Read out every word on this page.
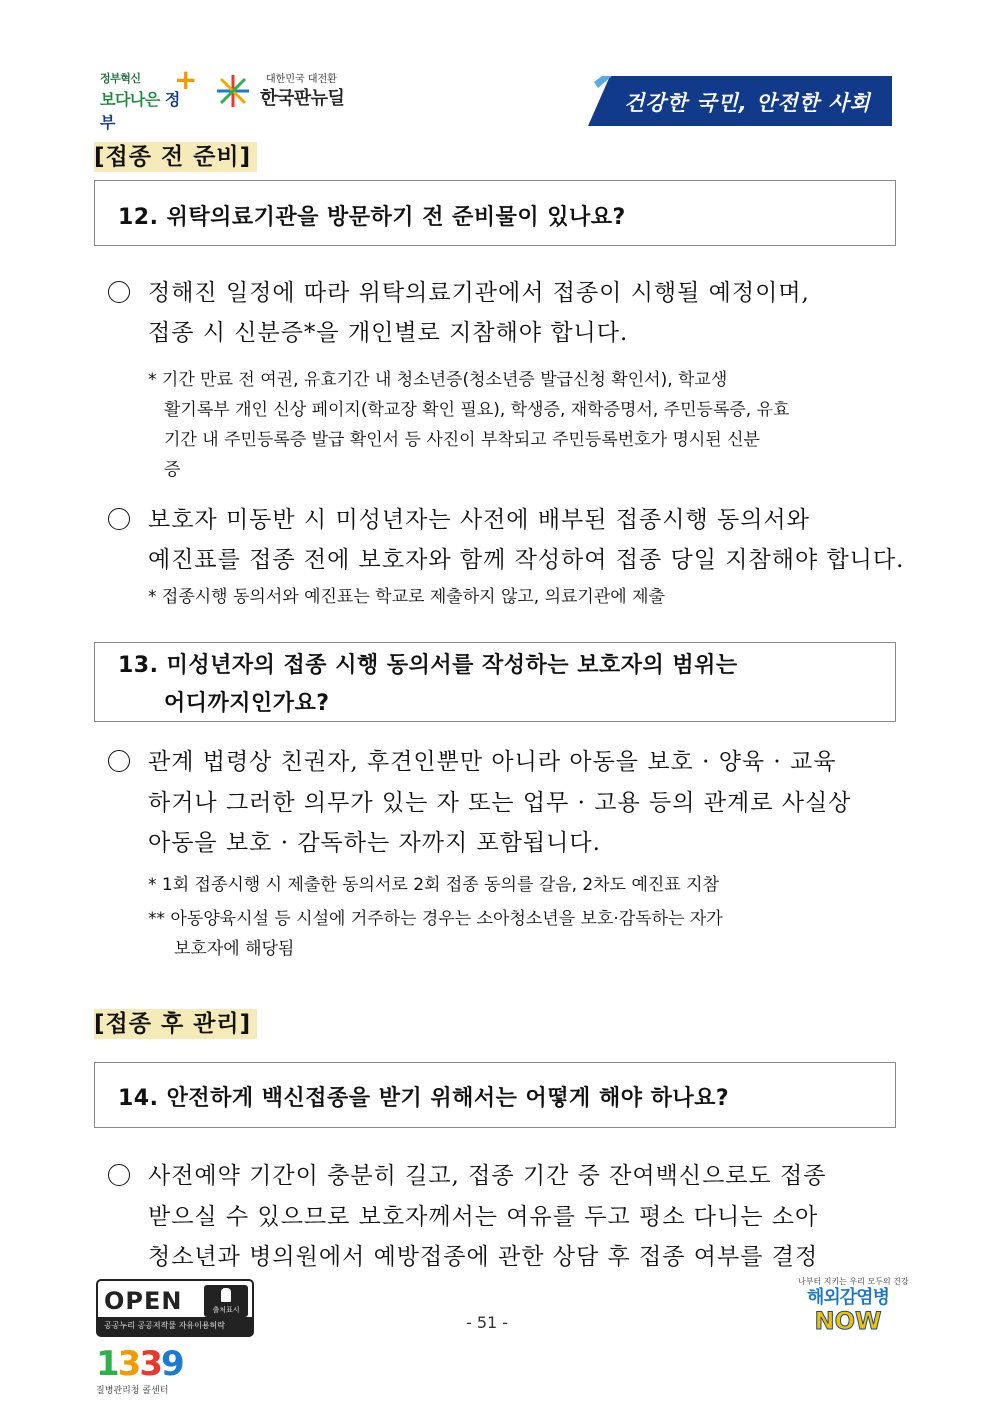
정부혁신
보다나은 정부
+	대한민국 대전환
한국판뉴딜	건강한 국민, 안전한 사회
[접종 전 준비]
12. 위탁의료기관을 방문하기 전 준비물이 있나요?
정해진 일정에 따라 위탁의료기관에서 접종이 시행될 예정이며,
접종 시 신분증*을 개인별로 지참해야 합니다.
* 기간 만료 전 여권, 유효기간 내 청소년증(청소년증 발급신청 확인서), 학교생
활기록부 개인 신상 페이지(학교장 확인 필요), 학생증, 재학증명서, 주민등록증, 유효
기간 내 주민등록증 발급 확인서 등 사진이 부착되고 주민등록번호가 명시된 신분
증
보호자 미동반 시 미성년자는 사전에 배부된 접종시행 동의서와
예진표를 접종 전에 보호자와 함께 작성하여 접종 당일 지참해야 합니다.
* 접종시행 동의서와 예진표는 학교로 제출하지 않고, 의료기관에 제출
13. 미성년자의 접종 시행 동의서를 작성하는 보호자의 범위는
어디까지인가요?
관계 법령상 친권자, 후견인뿐만 아니라 아동을 보호 · 양육 · 교육
하거나 그러한 의무가 있는 자 또는 업무 · 고용 등의 관계로 사실상
아동을 보호 · 감독하는 자까지 포함됩니다.
* 1회 접종시행 시 제출한 동의서로 2회 접종 동의를 갈음, 2차도 예진표 지참
** 아동양육시설 등 시설에 거주하는 경우는 소아청소년을 보호·감독하는 자가
보호자에 해당됨
[접종 후 관리]
14. 안전하게 백신접종을 받기 위해서는 어떻게 해야 하나요?
사전예약 기간이 충분히 길고, 접종 기간 중 잔여백신으로도 접종
받으실 수 있으므로 보호자께서는 여유를 두고 평소 다니는 소아
청소년과 병의원에서 예방접종에 관한 상담 후 접종 여부를 결정
OPEN	출처표시
공공누리 공공저작물 자유이용허락	- 51 -
1339
질병관리청 콜센터
나부터 지키는 우리 모두의 건강
해외감염병
NOW
